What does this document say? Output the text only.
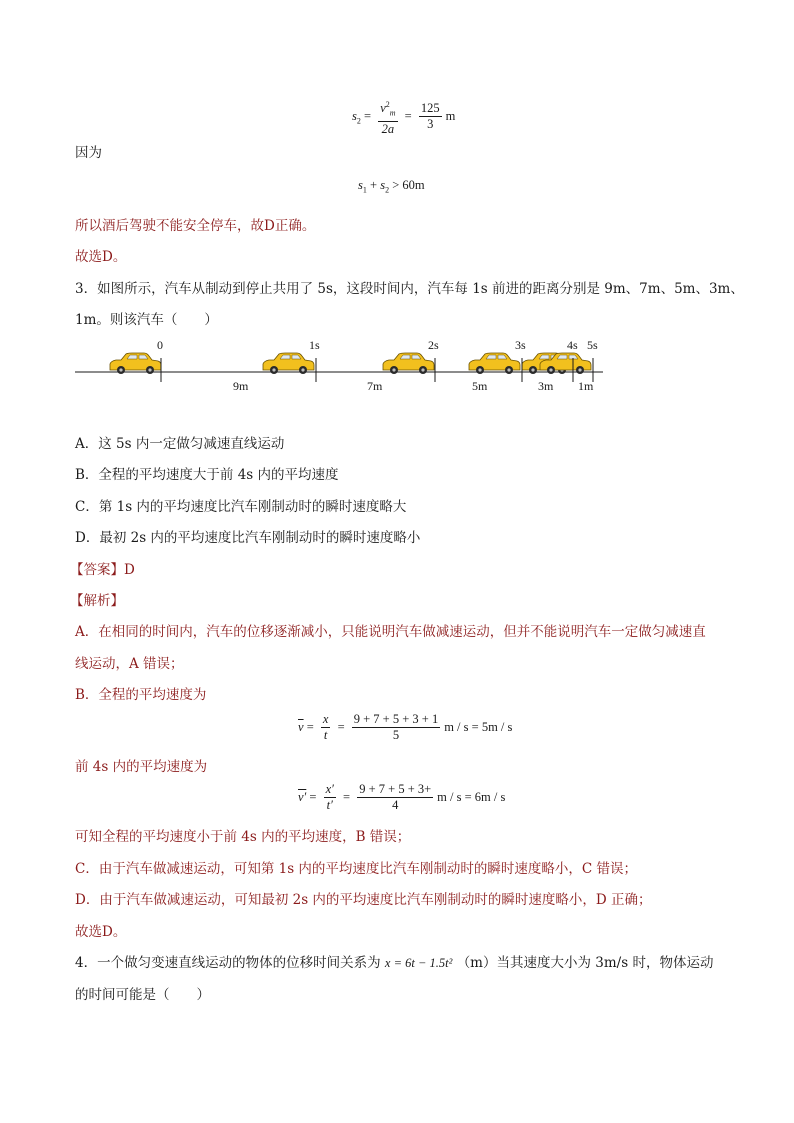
$s_2 = \frac{v^2_m}{2a} = \frac{125}{3}$ m
因为
$s_1 + s_2 > 60m$
所以酒后驾驶不能安全停车，故D正确。
故选D。
3．如图所示，汽车从制动到停止共用了 5s，这段时间内，汽车每 1s 前进的距离分别是 9m、7m、5m、3m、
1m。则该汽车（　　）
0	1s	2s	3s	4s 5s
9m	7m	5m	3m 1m
A．这 5s 内一定做匀减速直线运动
B．全程的平均速度大于前 4s 内的平均速度
C．第 1s 内的平均速度比汽车刚制动时的瞬时速度略大
D．最初 2s 内的平均速度比汽车刚制动时的瞬时速度略小
【答案】D
【解析】
A．在相同的时间内，汽车的位移逐渐减小，只能说明汽车做减速运动，但并不能说明汽车一定做匀减速直
线运动，A 错误；
B．全程的平均速度为
$\overline{v} = \frac{x}{t} = \frac{9 + 7 + 5 + 3 + 1}{5}$ m / s = 5m / s
前 4s 内的平均速度为
$v' = \frac{x'}{t'} = \frac{9 + 7 + 5 + 3+}{4}$ m / s = 6m / s
可知全程的平均速度小于前 4s 内的平均速度，B 错误；
C．由于汽车做减速运动，可知第 1s 内的平均速度比汽车刚制动时的瞬时速度略小，C 错误；
D．由于汽车做减速运动，可知最初 2s 内的平均速度比汽车刚制动时的瞬时速度略小，D 正确；
故选D。
4．一个做匀变速直线运动的物体的位移时间关系为 x = 6t − 1.5t² （m）当其速度大小为 3m/s 时，物体运动
的时间可能是（　　）
